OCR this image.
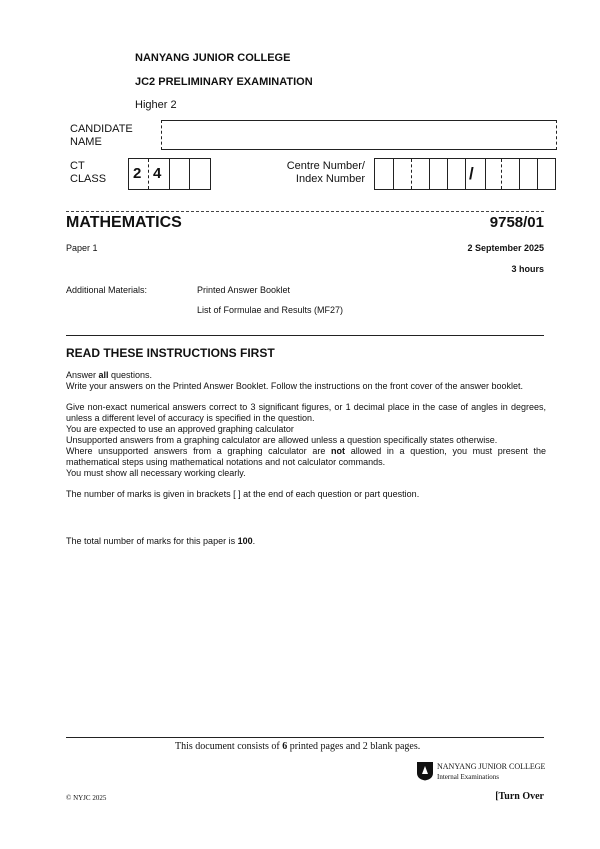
NANYANG JUNIOR COLLEGE
JC2 PRELIMINARY EXAMINATION
Higher 2
CANDIDATE
NAME
CT
CLASS 2 4	Centre Number/
Index Number	/
MATHEMATICS	9758/01
Paper 1	2 September 2025
3 hours
Additional Materials:	Printed Answer Booklet
List of Formulae and Results (MF27)
READ THESE INSTRUCTIONS FIRST

Answer all questions.

Write your answers on the Printed Answer Booklet. Follow the instructions on the front cover of the answer booklet.

Give non-exact numerical answers correct to 3 significant figures, or 1 decimal place in the case of angles in degrees, unless a different level of accuracy is specified in the question.

You are expected to use an approved graphing calculator

Unsupported answers from a graphing calculator are allowed unless a question specifically states otherwise.

Where unsupported answers from a graphing calculator are not allowed in a question, you must present the mathematical steps using mathematical notations and not calculator commands.

You must show all necessary working clearly.

The number of marks is given in brackets [ ] at the end of each question or part question.

The total number of marks for this paper is 100.
This document consists of 6 printed pages and 2 blank pages.
NANYANG JUNIOR COLLEGE
Internal Examinations
© NYJC 2025	[Turn Over
